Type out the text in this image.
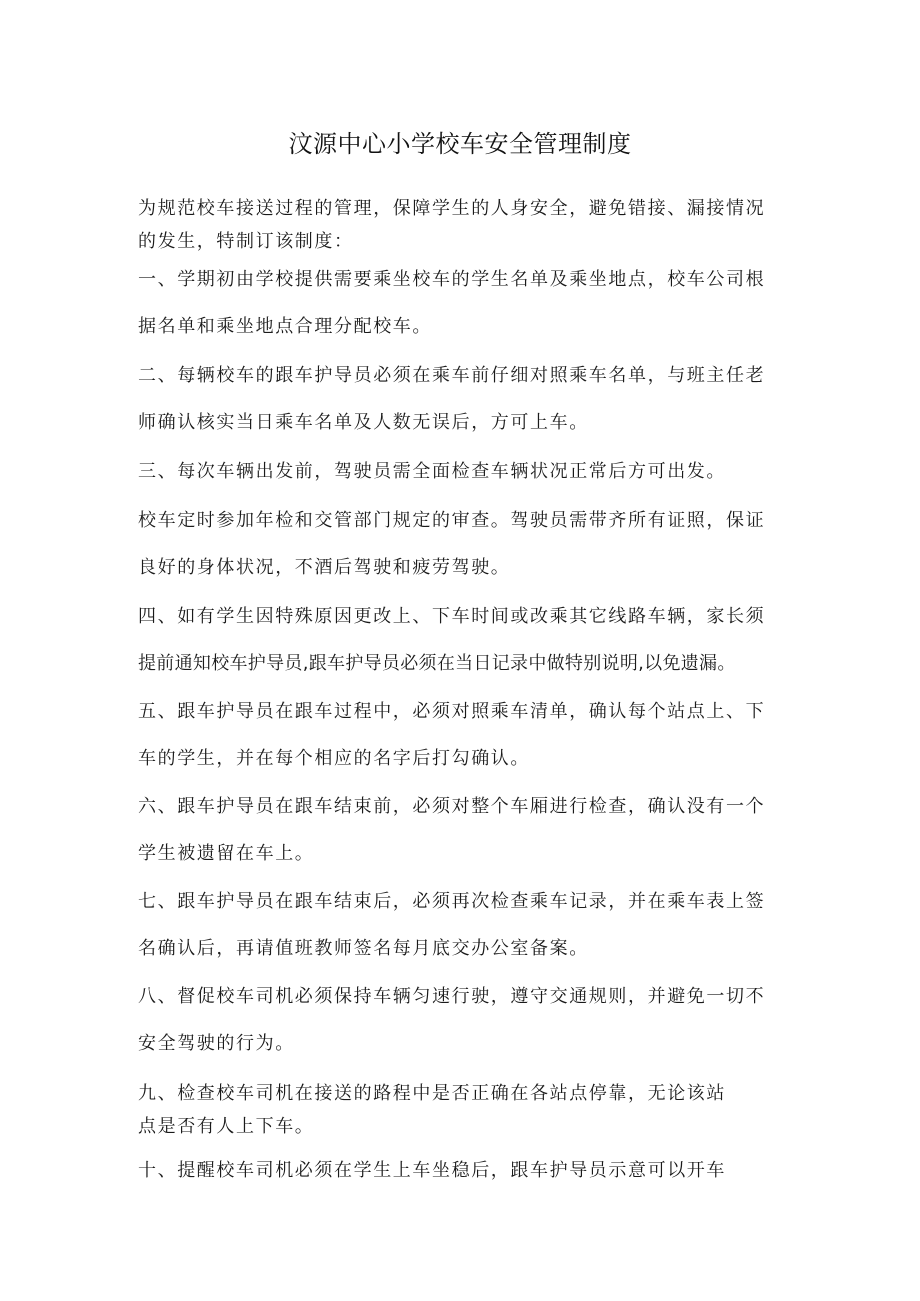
汶源中心小学校车安全管理制度
为规范校车接送过程的管理，保障学生的人身安全，避免错接、漏接情况
的发生，特制订该制度：
一、学期初由学校提供需要乘坐校车的学生名单及乘坐地点，校车公司根
据名单和乘坐地点合理分配校车。
二、每辆校车的跟车护导员必须在乘车前仔细对照乘车名单，与班主任老
师确认核实当日乘车名单及人数无误后，方可上车。
三、每次车辆出发前，驾驶员需全面检查车辆状况正常后方可出发。
校车定时参加年检和交管部门规定的审查。驾驶员需带齐所有证照，保证
良好的身体状况，不酒后驾驶和疲劳驾驶。
四、如有学生因特殊原因更改上、下车时间或改乘其它线路车辆，家长须
提前通知校车护导员,跟车护导员必须在当日记录中做特别说明,以免遗漏。
五、跟车护导员在跟车过程中，必须对照乘车清单，确认每个站点上、下
车的学生，并在每个相应的名字后打勾确认。
六、跟车护导员在跟车结束前，必须对整个车厢进行检查，确认没有一个
学生被遗留在车上。
七、跟车护导员在跟车结束后，必须再次检查乘车记录，并在乘车表上签
名确认后，再请值班教师签名每月底交办公室备案。
八、督促校车司机必须保持车辆匀速行驶，遵守交通规则，并避免一切不
安全驾驶的行为。
九、检查校车司机在接送的路程中是否正确在各站点停靠，无论该站
点是否有人上下车。
十、提醒校车司机必须在学生上车坐稳后，跟车护导员示意可以开车
